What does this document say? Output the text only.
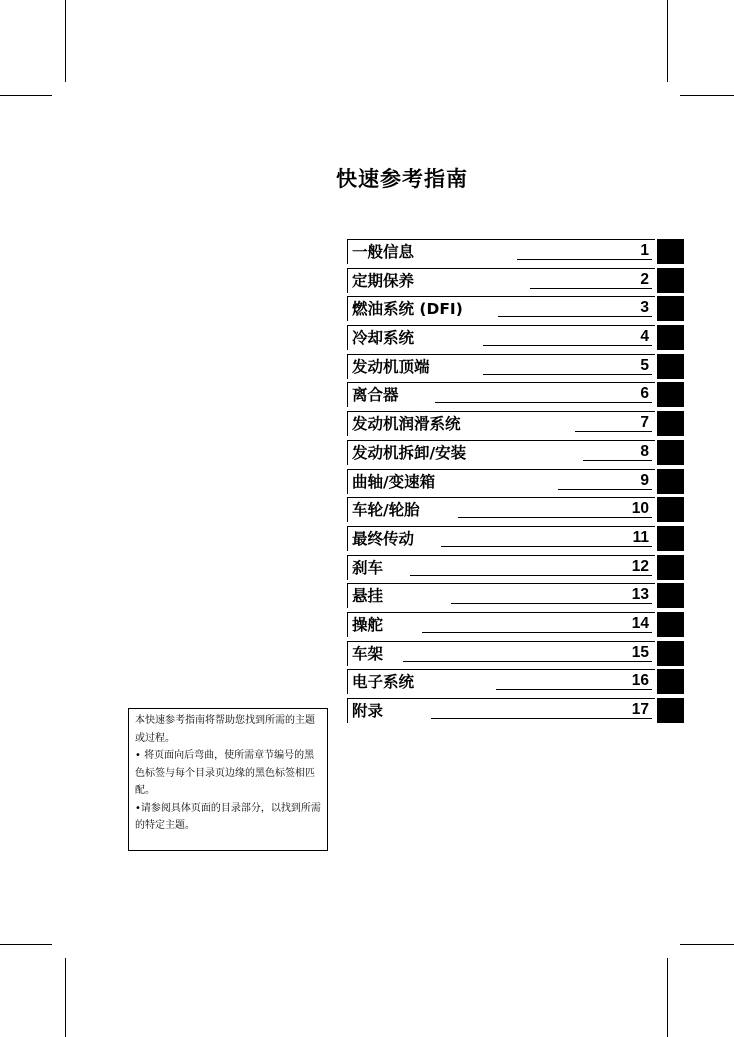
快速参考指南
一般信息	1
定期保养	2
燃油系统 (DFI)	3
冷却系统	4
发动机顶端	5
离合器	6
发动机润滑系统	7
发动机拆卸/安装	8
曲轴/变速箱	9
车轮/轮胎	10
最终传动	11
刹车	12
悬挂	13
操舵	14
车架	15
电子系统	16
附录	17

本快速参考指南将帮助您找到所需的主题或过程。

• 将页面向后弯曲，使所需章节编号的黑色标签与每个目录页边缘的黑色标签相匹配。

•请参阅具体页面的目录部分，以找到所需的特定主题。
